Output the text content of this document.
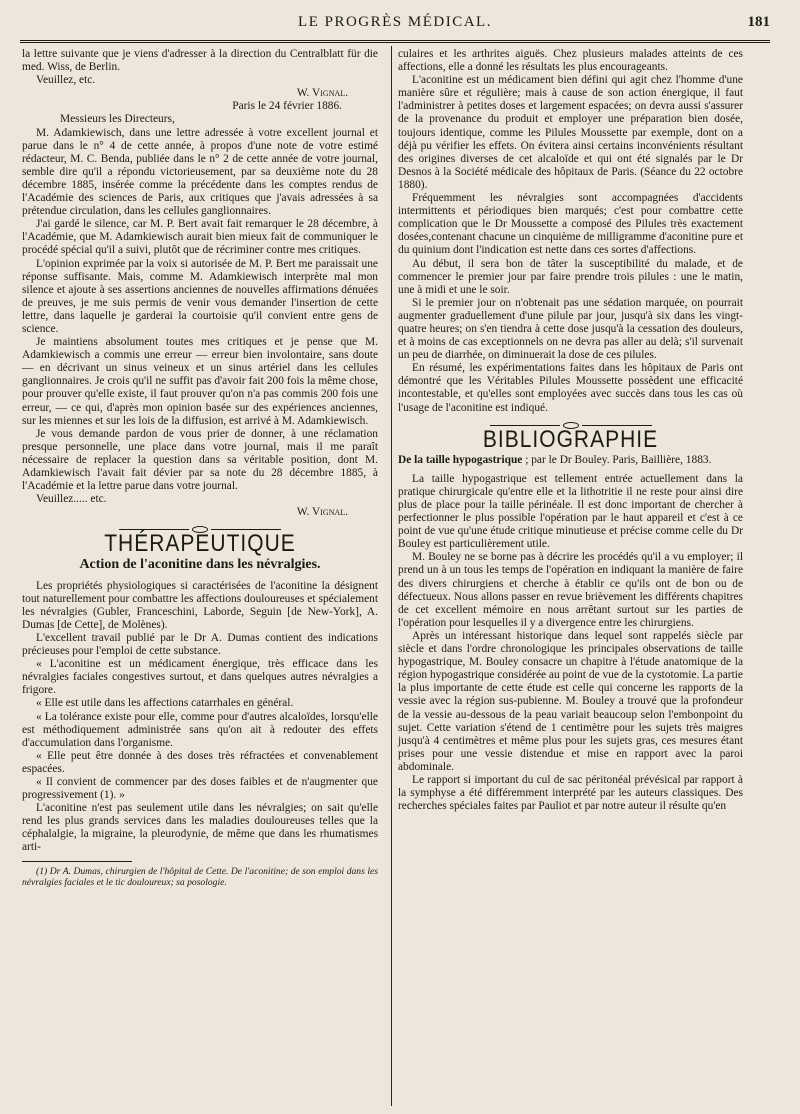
LE PROGRÈS MÉDICAL.	181

la lettre suivante que je viens d'adresser à la direction du Centralblatt für die med. Wiss, de Berlin.

Veuillez, etc.

W. Vignal.

Paris le 24 février 1886.

Messieurs les Directeurs,

M. Adamkiewisch, dans une lettre adressée à votre excellent journal et parue dans le n° 4 de cette année, à propos d'une note de votre estimé rédacteur, M. C. Benda, publiée dans le n° 2 de cette année de votre journal, semble dire qu'il a répondu victorieusement, par sa deuxième note du 28 décembre 1885, insérée comme la précédente dans les comptes rendus de l'Académie des sciences de Paris, aux critiques que j'avais adressées à sa prétendue circulation, dans les cellules ganglionnaires.

J'ai gardé le silence, car M. P. Bert avait fait remarquer le 28 décembre, à l'Académie, que M. Adamkiewisch aurait bien mieux fait de communiquer le procédé spécial qu'il a suivi, plutôt que de récriminer contre mes critiques.

L'opinion exprimée par la voix si autorisée de M. P. Bert me paraissait une réponse suffisante. Mais, comme M. Adamkiewisch interprète mal mon silence et ajoute à ses assertions anciennes de nouvelles affirmations dénuées de preuves, je me suis permis de venir vous demander l'insertion de cette lettre, dans laquelle je garderai la courtoisie qu'il convient entre gens de science.

Je maintiens absolument toutes mes critiques et je pense que M. Adamkiewisch a commis une erreur — erreur bien involontaire, sans doute — en décrivant un sinus veineux et un sinus artériel dans les cellules ganglionnaires. Je crois qu'il ne suffit pas d'avoir fait 200 fois la même chose, pour prouver qu'elle existe, il faut prouver qu'on n'a pas commis 200 fois une erreur, — ce qui, d'après mon opinion basée sur des expériences anciennes, sur les miennes et sur les lois de la diffusion, est arrivé à M. Adamkiewisch.

Je vous demande pardon de vous prier de donner, à une réclamation presque personnelle, une place dans votre journal, mais il me paraît nécessaire de replacer la question dans sa véritable position, dont M. Adamkiewisch l'avait fait dévier par sa note du 28 décembre 1885, à l'Académie et la lettre parue dans votre journal.

Veuillez..... etc.

W. Vignal.

THÉRAPEUTIQUE
Action de l'aconitine dans les névralgies.

Les propriétés physiologiques si caractérisées de l'aconitine la désignent tout naturellement pour combattre les affections douloureuses et spécialement les névralgies (Gubler, Franceschini, Laborde, Seguin [de New-York], A. Dumas [de Cette], de Molènes).

L'excellent travail publié par le Dr A. Dumas contient des indications précieuses pour l'emploi de cette substance.

« L'aconitine est un médicament énergique, très efficace dans les névralgies faciales congestives surtout, et dans quelques autres névralgies a frigore.

« Elle est utile dans les affections catarrhales en général.

« La tolérance existe pour elle, comme pour d'autres alcaloïdes, lorsqu'elle est méthodiquement administrée sans qu'on ait à redouter des effets d'accumulation dans l'organisme.

« Elle peut être donnée à des doses très réfractées et convenablement espacées.

« Il convient de commencer par des doses faibles et de n'augmenter que progressivement (1). »

L'aconitine n'est pas seulement utile dans les névralgies; on sait qu'elle rend les plus grands services dans les maladies douloureuses telles que la céphalalgie, la migraine, la pleurodynie, de même que dans les rhumatismes arti-

(1) Dr A. Dumas, chirurgien de l'hôpital de Cette. De l'aconitine; de son emploi dans les névralgies faciales et le tic douloureux; sa posologie.

culaires et les arthrites aiguës. Chez plusieurs malades atteints de ces affections, elle a donné les résultats les plus encourageants.

L'aconitine est un médicament bien défini qui agit chez l'homme d'une manière sûre et régulière; mais à cause de son action énergique, il faut l'administrer à petites doses et largement espacées; on devra aussi s'assurer de la provenance du produit et employer une préparation bien dosée, toujours identique, comme les Pilules Moussette par exemple, dont on a déjà pu vérifier les effets. On évitera ainsi certains inconvénients résultant des origines diverses de cet alcaloïde et qui ont été signalés par le Dr Desnos à la Société médicale des hôpitaux de Paris. (Séance du 22 octobre 1880).

Fréquemment les névralgies sont accompagnées d'accidents intermittents et périodiques bien marqués; c'est pour combattre cette complication que le Dr Moussette a composé des Pilules très exactement dosées,contenant chacune un cinquième de milligramme d'aconitine pure et du quinium dont l'indication est nette dans ces sortes d'affections.

Au début, il sera bon de tâter la susceptibilité du malade, et de commencer le premier jour par faire prendre trois pilules : une le matin, une à midi et une le soir.

Si le premier jour on n'obtenait pas une sédation marquée, on pourrait augmenter graduellement d'une pilule par jour, jusqu'à six dans les vingt-quatre heures; on s'en tiendra à cette dose jusqu'à la cessation des douleurs, et à moins de cas exceptionnels on ne devra pas aller au delà; s'il survenait un peu de diarrhée, on diminuerait la dose de ces pilules.

En résumé, les expérimentations faites dans les hôpitaux de Paris ont démontré que les Véritables Pilules Moussette possèdent une efficacité incontestable, et qu'elles sont employées avec succès dans tous les cas où l'usage de l'aconitine est indiqué.

BIBLIOGRAPHIE
De la taille hypogastrique ; par le Dr Bouley. Paris, Baillière, 1883.

La taille hypogastrique est tellement entrée actuellement dans la pratique chirurgicale qu'entre elle et la lithotritie il ne reste pour ainsi dire plus de place pour la taille périnéale. Il est donc important de chercher à perfectionner le plus possible l'opération par le haut appareil et c'est à ce point de vue qu'une étude critique minutieuse et précise comme celle du Dr Bouley est particulièrement utile.

M. Bouley ne se borne pas à décrire les procédés qu'il a vu employer; il prend un à un tous les temps de l'opération en indiquant la manière de faire des divers chirurgiens et cherche à établir ce qu'ils ont de bon ou de défectueux. Nous allons passer en revue brièvement les différents chapitres de cet excellent mémoire en nous arrêtant surtout sur les parties de l'opération pour lesquelles il y a divergence entre les chirurgiens.

Après un intéressant historique dans lequel sont rappelés siècle par siècle et dans l'ordre chronologique les principales observations de taille hypogastrique, M. Bouley consacre un chapitre à l'étude anatomique de la région hypogastrique considérée au point de vue de la cystotomie. La partie la plus importante de cette étude est celle qui concerne les rapports de la vessie avec la région sus-pubienne. M. Bouley a trouvé que la profondeur de la vessie au-dessous de la peau variait beaucoup selon l'embonpoint du sujet. Cette variation s'étend de 1 centimètre pour les sujets très maigres jusqu'à 4 centimètres et même plus pour les sujets gras, ces mesures étant prises pour une vessie distendue et mise en rapport avec la paroi abdominale.

Le rapport si important du cul de sac péritonéal prévésical par rapport à la symphyse a été différemment interprété par les auteurs classiques. Des recherches spéciales faites par Pauliot et par notre auteur il résulte qu'en
